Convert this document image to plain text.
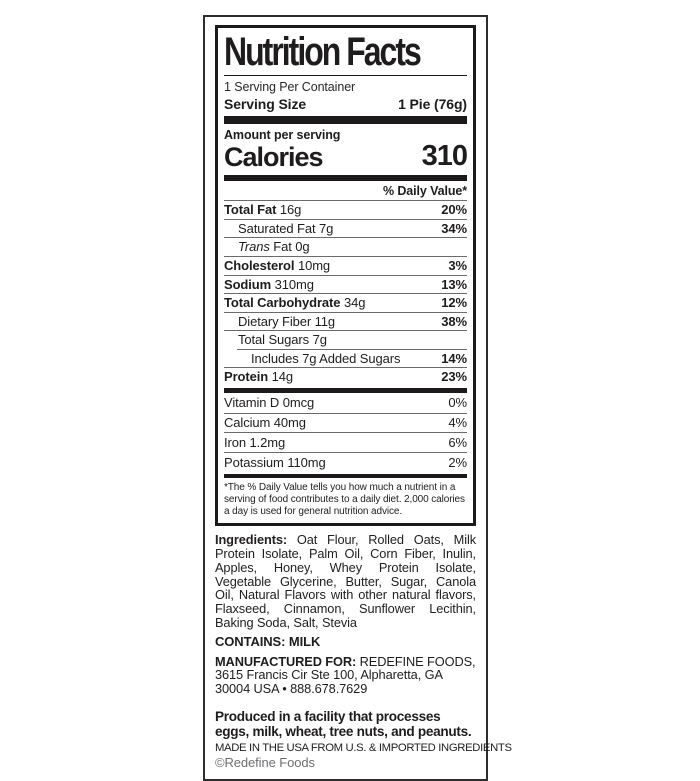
Nutrition Facts
1 Serving Per Container
Serving Size	1 Pie (76g)
Amount per serving
Calories	310
% Daily Value*
Total Fat 16g	20%
Saturated Fat 7g	34%
Trans Fat 0g
Cholesterol 10mg	3%
Sodium 310mg	13%
Total Carbohydrate 34g	12%
Dietary Fiber 11g	38%
Total Sugars 7g
Includes 7g Added Sugars	14%
Protein 14g	23%
Vitamin D 0mcg	0%
Calcium 40mg	4%
Iron 1.2mg	6%
Potassium 110mg	2%
*The % Daily Value tells you how much a nutrient in a serving of food contributes to a daily diet. 2,000 calories a day is used for general nutrition advice.

Ingredients: Oat Flour, Rolled Oats, Milk Protein Isolate, Palm Oil, Corn Fiber, Inulin, Apples, Honey, Whey Protein Isolate, Vegetable Glycerine, Butter, Sugar, Canola Oil, Natural Flavors with other natural flavors, Flaxseed, Cinnamon, Sunflower Lecithin, Baking Soda, Salt, Stevia

CONTAINS: MILK

MANUFACTURED FOR: REDEFINE FOODS, 3615 Francis Cir Ste 100, Alpharetta, GA 30004 USA • 888.678.7629

Produced in a facility that processes eggs, milk, wheat, tree nuts, and peanuts.
MADE IN THE USA FROM U.S. & IMPORTED INGREDIENTS
©Redefine Foods
